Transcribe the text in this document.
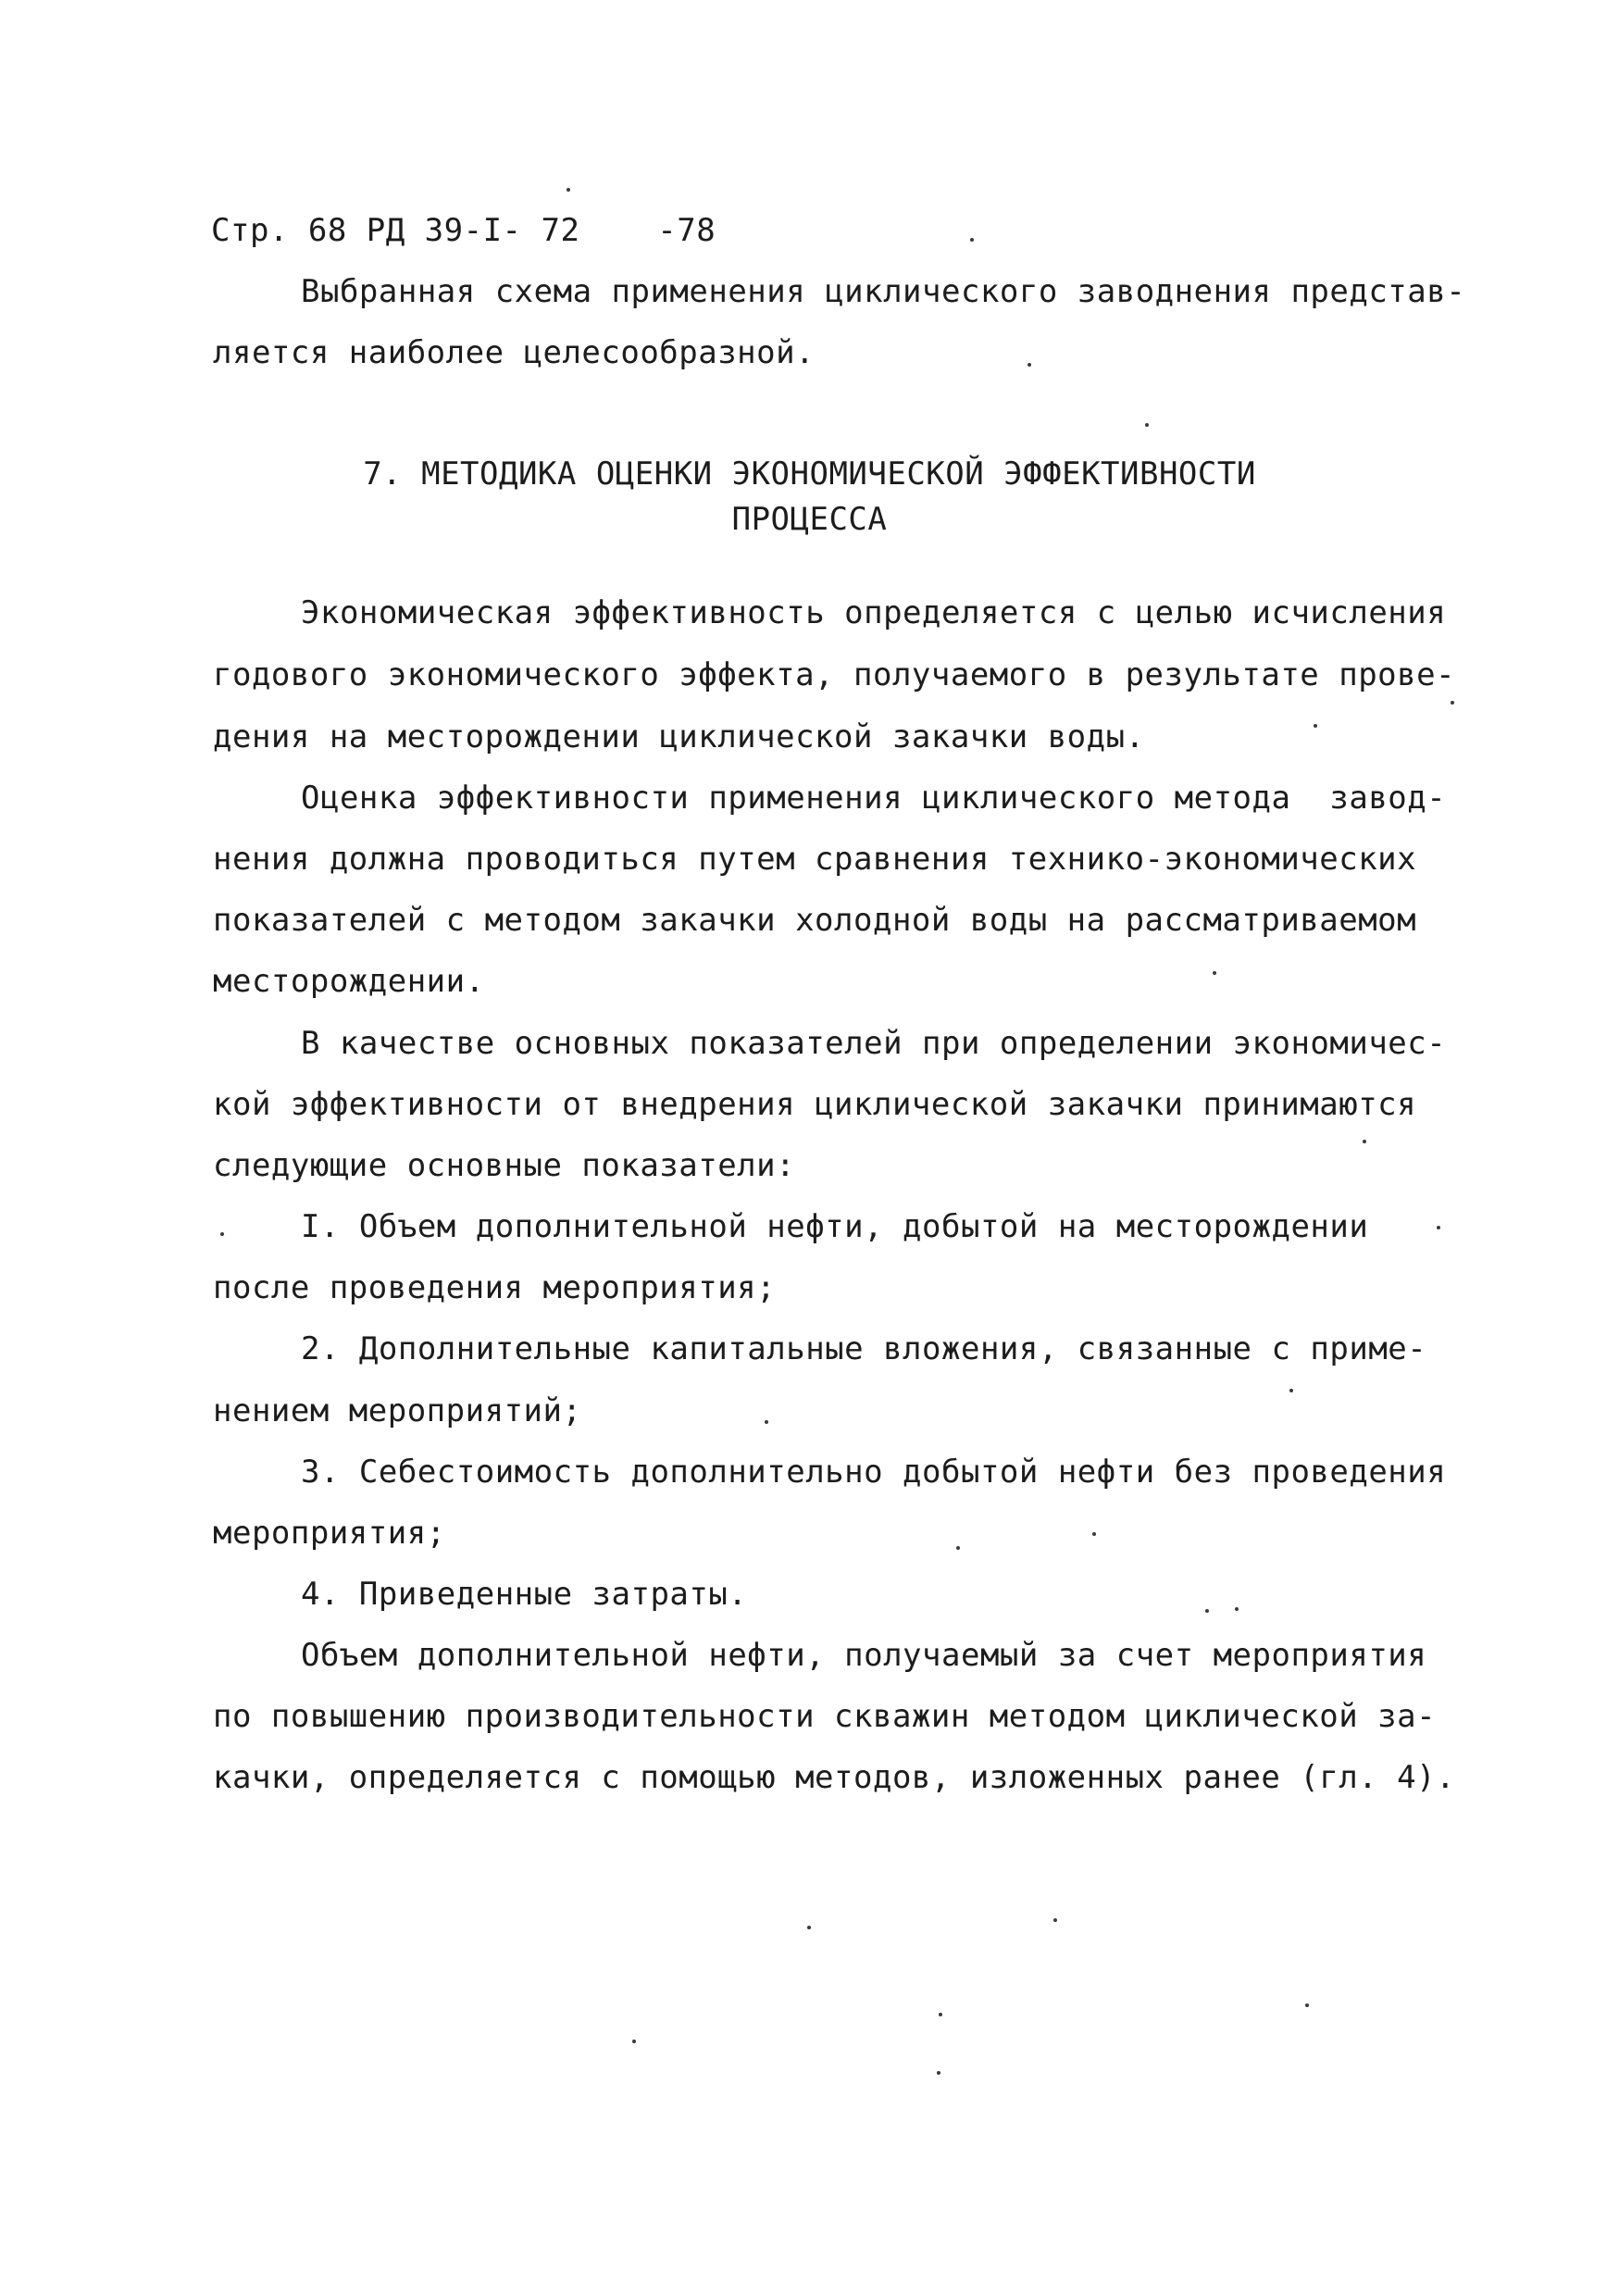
Стр. 68 РД 39-I- 72    -78
Выбранная схема применения циклического заводнения представ-
ляется наиболее целесообразной.
7. МЕТОДИКА ОЦЕНКИ ЭКОНОМИЧЕСКОЙ ЭФФЕКТИВНОСТИ
ПРОЦЕССА
Экономическая эффективность определяется с целью исчисления
годового экономического эффекта, получаемого в результате прове-
дения на месторождении циклической закачки воды.
Оценка эффективности применения циклического метода  завод-
нения должна проводиться путем сравнения технико-экономических
показателей с методом закачки холодной воды на рассматриваемом
месторождении.
В качестве основных показателей при определении экономичес-
кой эффективности от внедрения циклической закачки принимаются
следующие основные показатели:
I. Объем дополнительной нефти, добытой на месторождении
после проведения мероприятия;
2. Дополнительные капитальные вложения, связанные с приме-
нением мероприятий;
3. Себестоимость дополнительно добытой нефти без проведения
мероприятия;
4. Приведенные затраты.
Объем дополнительной нефти, получаемый за счет мероприятия
по повышению производительности скважин методом циклической за-
качки, определяется с помощью методов, изложенных ранее (гл. 4).
